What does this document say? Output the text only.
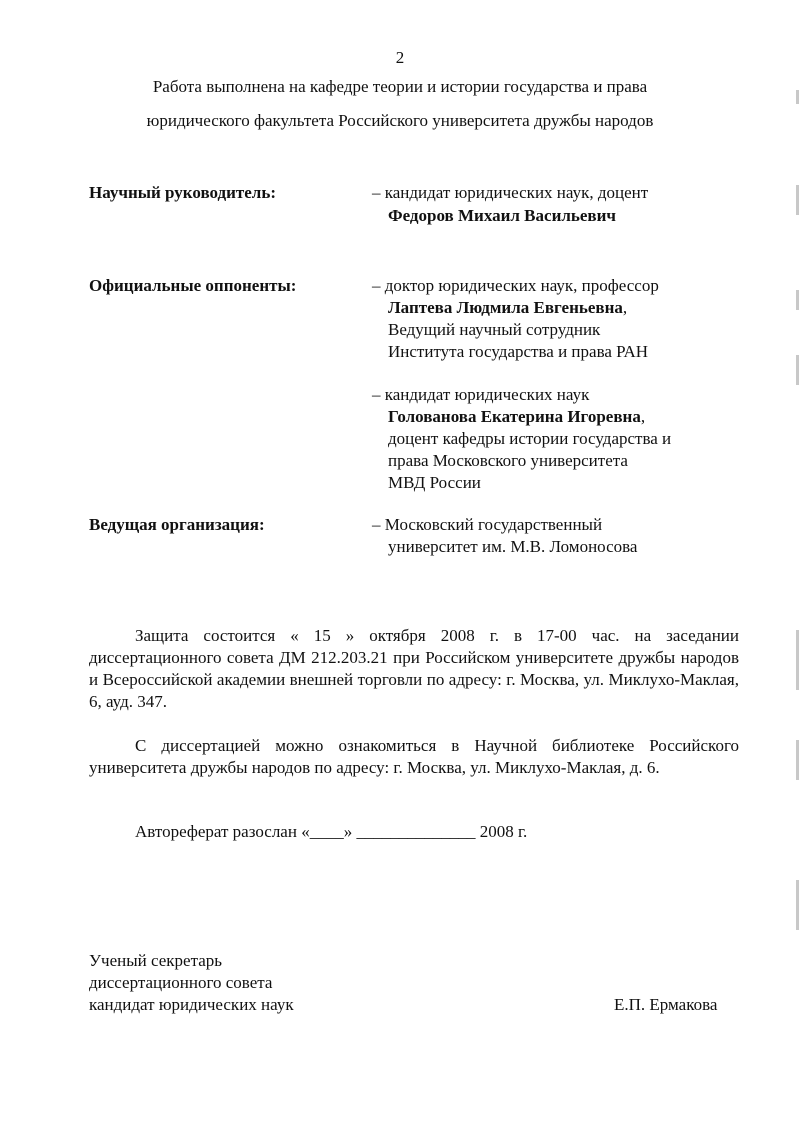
2
Работа выполнена на кафедре теории и истории государства и права
юридического факультета Российского университета дружбы народов
Научный руководитель:	– кандидат юридических наук, доцент
Федоров Михаил Васильевич
Официальные оппоненты:	– доктор юридических наук, профессор
Лаптева Людмила Евгеньевна,
Ведущий научный сотрудник
Института государства и права РАН
– кандидат юридических наук
Голованова Екатерина Игоревна,
доцент кафедры истории государства и
права Московского университета
МВД России
Ведущая организация:	– Московский государственный
университет им. М.В. Ломоносова
Защита состоится « 15 » октября 2008 г. в 17-00 час. на заседании диссертационного совета ДМ 212.203.21 при Российском университете дружбы народов и Всероссийской академии внешней торговли по адресу: г. Москва, ул. Миклухо-Маклая, 6, ауд. 347.
С диссертацией можно ознакомиться в Научной библиотеке Российского университета дружбы народов по адресу: г. Москва, ул. Миклухо-Маклая, д. 6.
Автореферат разослан «____» ______________ 2008 г.
Ученый секретарь
диссертационного совета
кандидат юридических наук	Е.П. Ермакова
